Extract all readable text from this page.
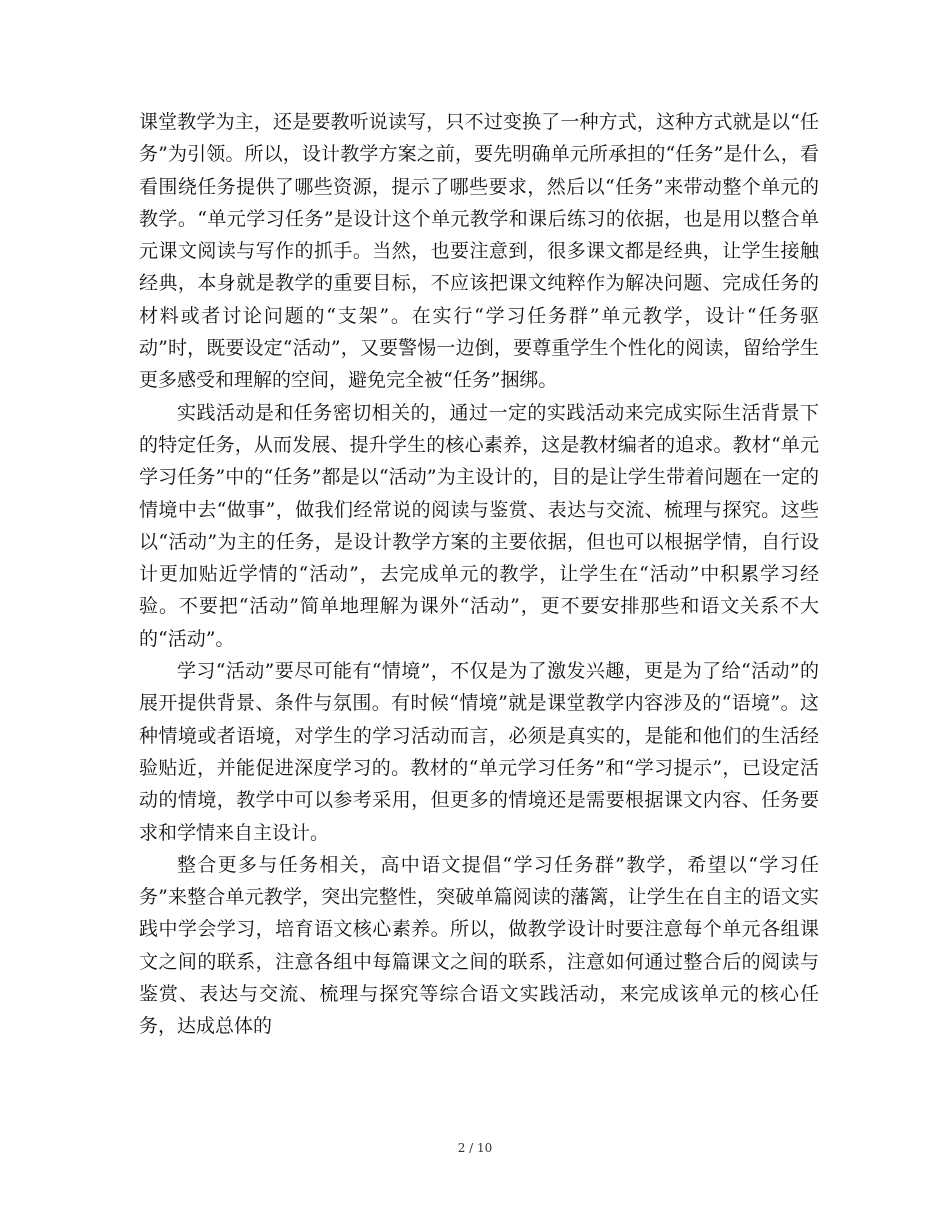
课堂教学为主，还是要教听说读写，只不过变换了一种方式，这种方式就是以“任务”为引领。所以，设计教学方案之前，要先明确单元所承担的“任务”是什么，看看围绕任务提供了哪些资源，提示了哪些要求，然后以“任务”来带动整个单元的教学。“单元学习任务”是设计这个单元教学和课后练习的依据，也是用以整合单元课文阅读与写作的抓手。当然，也要注意到，很多课文都是经典，让学生接触经典，本身就是教学的重要目标，不应该把课文纯粹作为解决问题、完成任务的材料或者讨论问题的“支架”。在实行“学习任务群”单元教学，设计“任务驱动”时，既要设定“活动”，又要警惕一边倒，要尊重学生个性化的阅读，留给学生更多感受和理解的空间，避免完全被“任务”捆绑。

实践活动是和任务密切相关的，通过一定的实践活动来完成实际生活背景下的特定任务，从而发展、提升学生的核心素养，这是教材编者的追求。教材“单元学习任务”中的“任务”都是以“活动”为主设计的，目的是让学生带着问题在一定的情境中去“做事”，做我们经常说的阅读与鉴赏、表达与交流、梳理与探究。这些以“活动”为主的任务，是设计教学方案的主要依据，但也可以根据学情，自行设计更加贴近学情的“活动”，去完成单元的教学，让学生在“活动”中积累学习经验。不要把“活动”简单地理解为课外“活动”，更不要安排那些和语文关系不大的“活动”。

学习“活动”要尽可能有“情境”，不仅是为了激发兴趣，更是为了给“活动”的展开提供背景、条件与氛围。有时候“情境”就是课堂教学内容涉及的“语境”。这种情境或者语境，对学生的学习活动而言，必须是真实的，是能和他们的生活经验贴近，并能促进深度学习的。教材的“单元学习任务”和“学习提示”，已设定活动的情境，教学中可以参考采用，但更多的情境还是需要根据课文内容、任务要求和学情来自主设计。

整合更多与任务相关，高中语文提倡“学习任务群”教学，希望以“学习任务”来整合单元教学，突出完整性，突破单篇阅读的藩篱，让学生在自主的语文实践中学会学习，培育语文核心素养。所以，做教学设计时要注意每个单元各组课文之间的联系，注意各组中每篇课文之间的联系，注意如何通过整合后的阅读与鉴赏、表达与交流、梳理与探究等综合语文实践活动，来完成该单元的核心任务，达成总体的

2 / 10
